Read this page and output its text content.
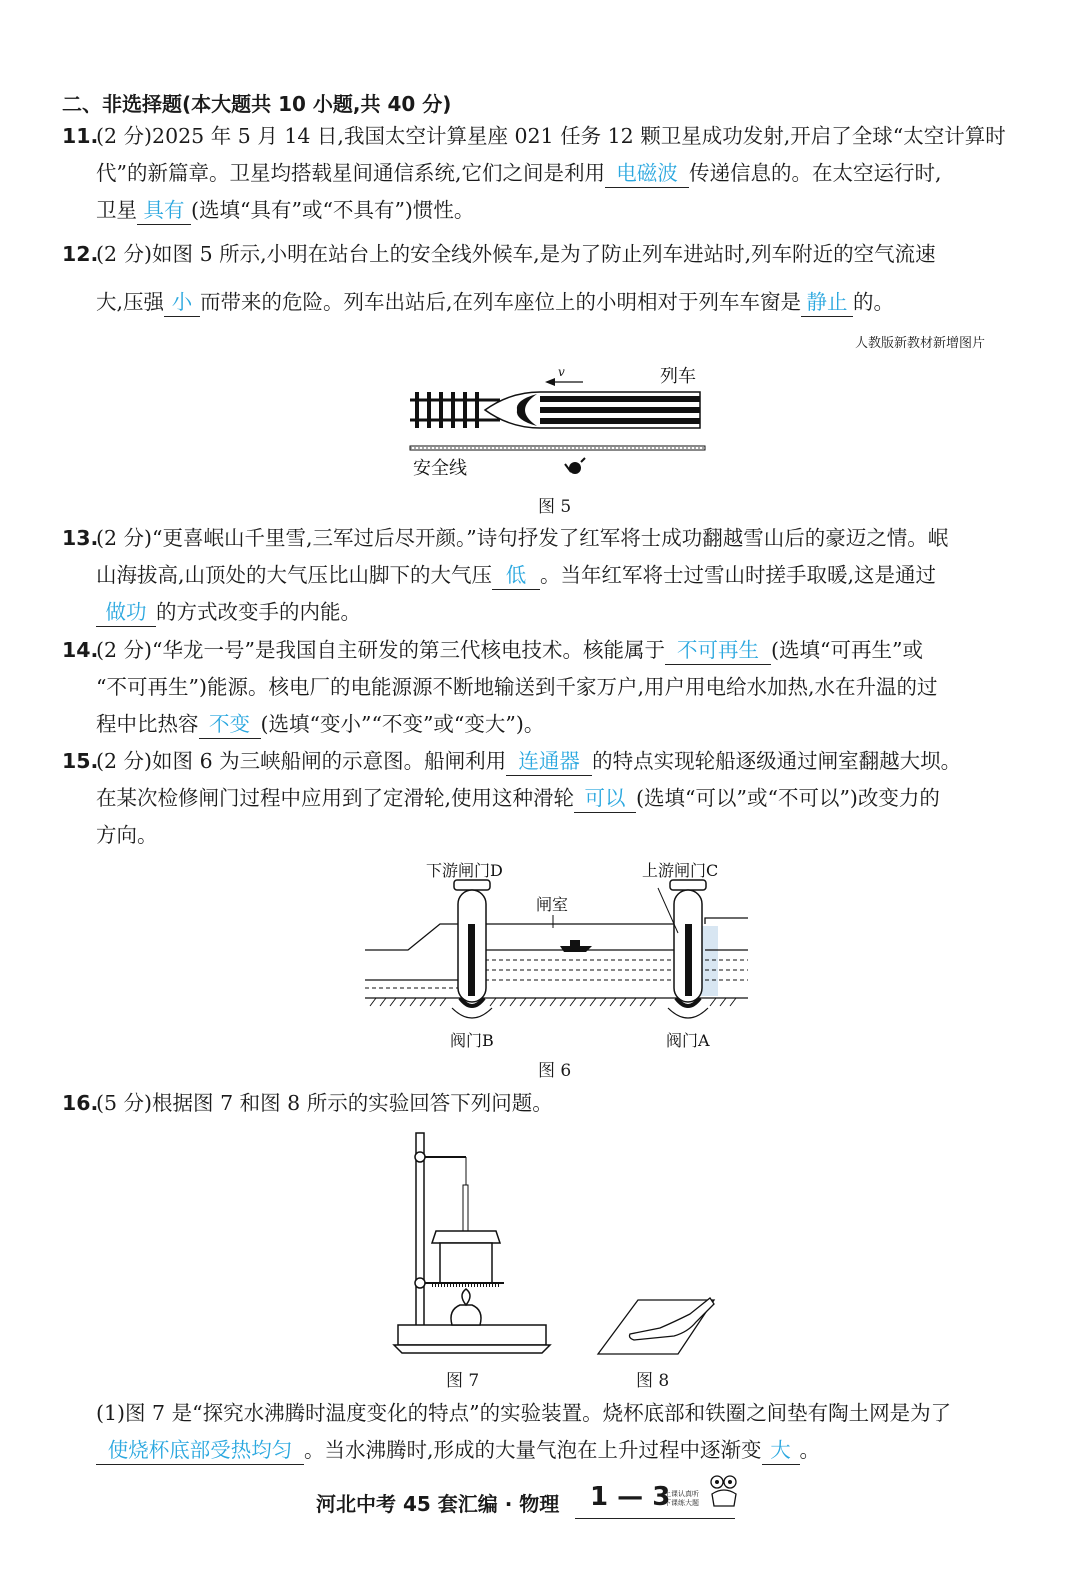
二、非选择题(本大题共 10 小题,共 40 分)
11.
(2 分)2025 年 5 月 14 日,我国太空计算星座 021 任务 12 颗卫星成功发射,开启了全球“太空计算时
代”的新篇章。卫星均搭载星间通信系统,它们之间是利用 电磁波 传递信息的。在太空运行时,
卫星 具有 (选填“具有”或“不具有”)惯性。
12.
(2 分)如图 5 所示,小明在站台上的安全线外候车,是为了防止列车进站时,列车附近的空气流速
大,压强 小 而带来的危险。列车出站后,在列车座位上的小明相对于列车车窗是 静止 的。
人教版新教材新增图片
v	列车
安全线
图 5
13.
(2 分)“更喜岷山千里雪,三军过后尽开颜。”诗句抒发了红军将士成功翻越雪山后的豪迈之情。岷
山海拔高,山顶处的大气压比山脚下的大气压 低 。当年红军将士过雪山时搓手取暖,这是通过
做功 的方式改变手的内能。
14.
(2 分)“华龙一号”是我国自主研发的第三代核电技术。核能属于 不可再生 (选填“可再生”或
“不可再生”)能源。核电厂的电能源源不断地输送到千家万户,用户用电给水加热,水在升温的过
程中比热容 不变 (选填“变小”“不变”或“变大”)。
15.
(2 分)如图 6 为三峡船闸的示意图。船闸利用 连通器 的特点实现轮船逐级通过闸室翻越大坝。
在某次检修闸门过程中应用到了定滑轮,使用这种滑轮 可以 (选填“可以”或“不可以”)改变力的
方向。
下游闸门D	上游闸门C
闸室
阀门B	阀门A
图 6
16.
(5 分)根据图 7 和图 8 所示的实验回答下列问题。
图 7	图 8
(1)图 7 是“探究水沸腾时温度变化的特点”的实验装置。烧杯底部和铁圈之间垫有陶土网是为了
使烧杯底部受热均匀 。当水沸腾时,形成的大量气泡在上升过程中逐渐变 大 。
河北中考 45 套汇编 · 物理 1 — 3
上课认真听
下课练大题
